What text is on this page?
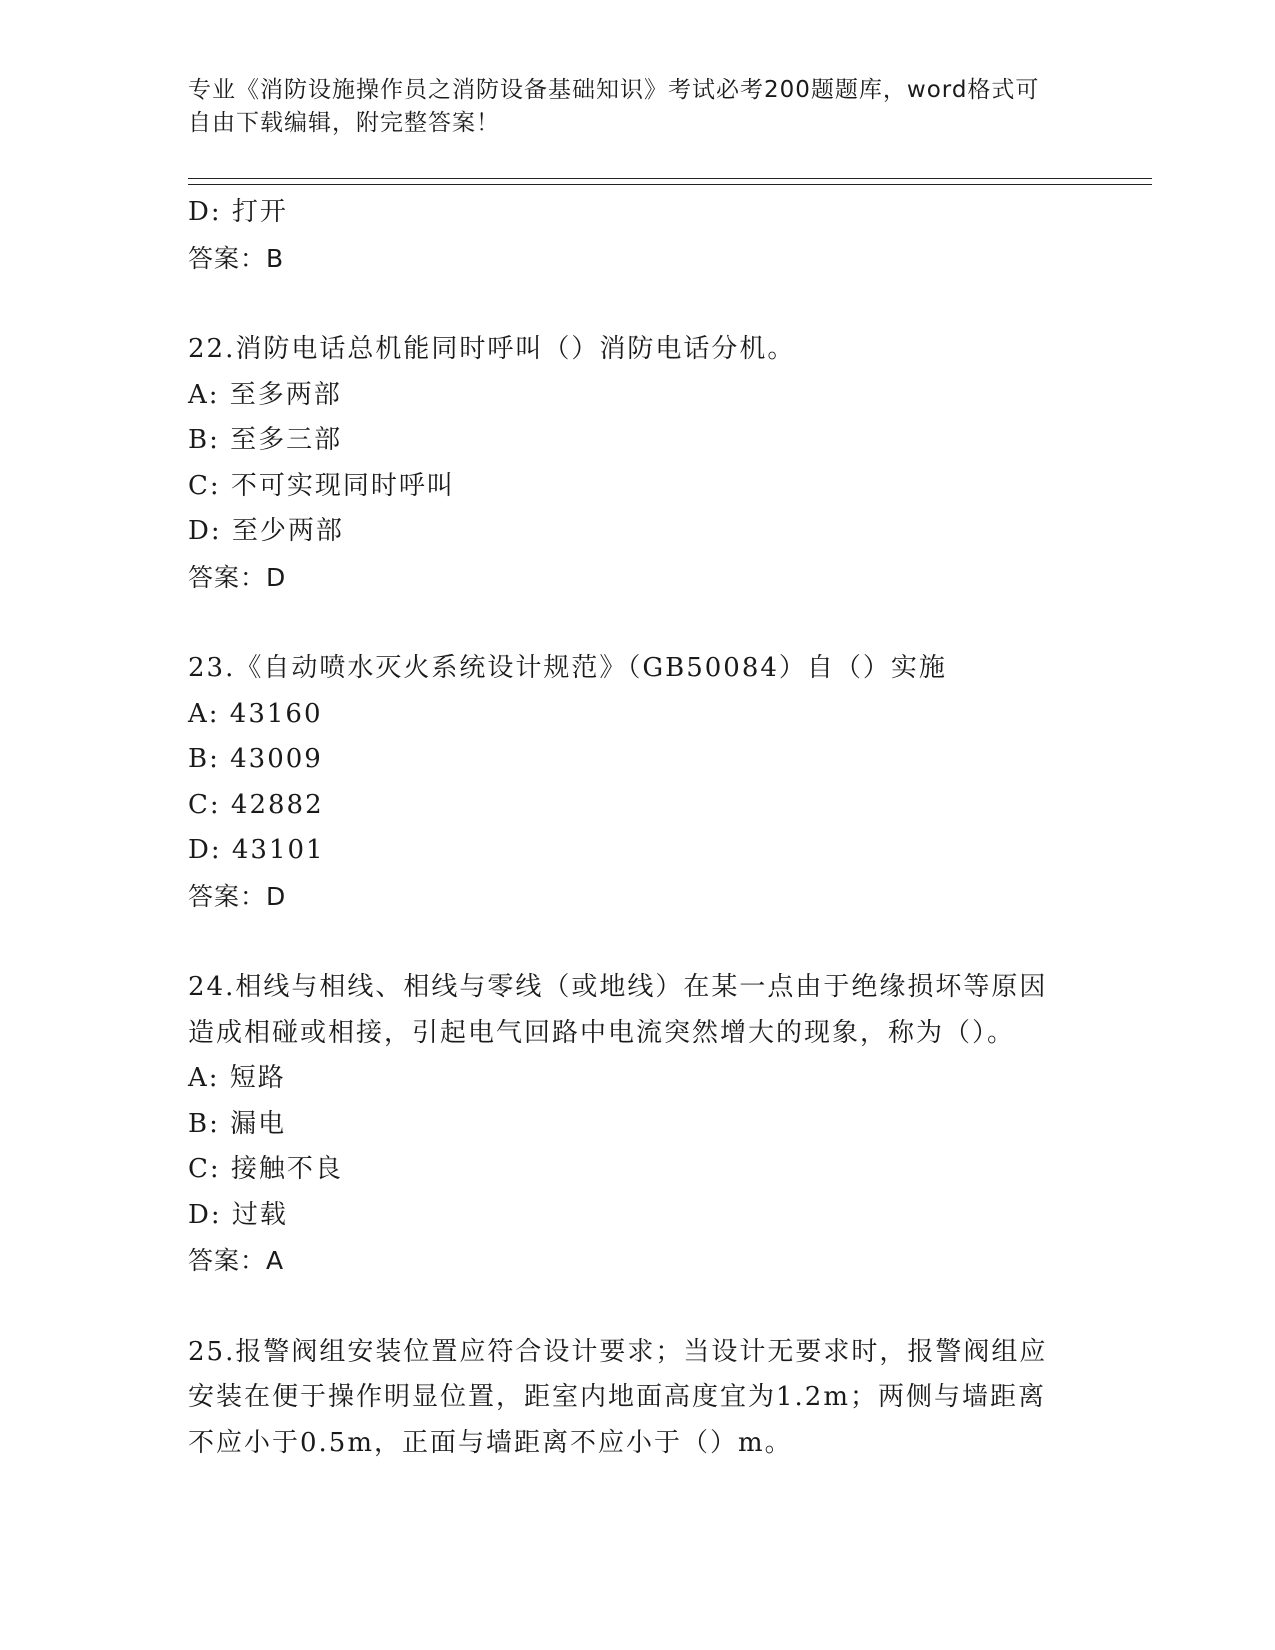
专业《消防设施操作员之消防设备基础知识》考试必考200题题库，word格式可
自由下载编辑，附完整答案！
D: 打开
答案：B
22.消防电话总机能同时呼叫（）消防电话分机。
A: 至多两部
B: 至多三部
C: 不可实现同时呼叫
D: 至少两部
答案：D
23.《自动喷水灭火系统设计规范》（GB50084）自（）实施
A: 43160
B: 43009
C: 42882
D: 43101
答案：D
24.相线与相线、相线与零线（或地线）在某一点由于绝缘损坏等原因
造成相碰或相接，引起电气回路中电流突然增大的现象，称为（）。
A: 短路
B: 漏电
C: 接触不良
D: 过载
答案：A
25.报警阀组安装位置应符合设计要求；当设计无要求时，报警阀组应
安装在便于操作明显位置，距室内地面高度宜为1.2m；两侧与墙距离
不应小于0.5m，正面与墙距离不应小于（）m。
